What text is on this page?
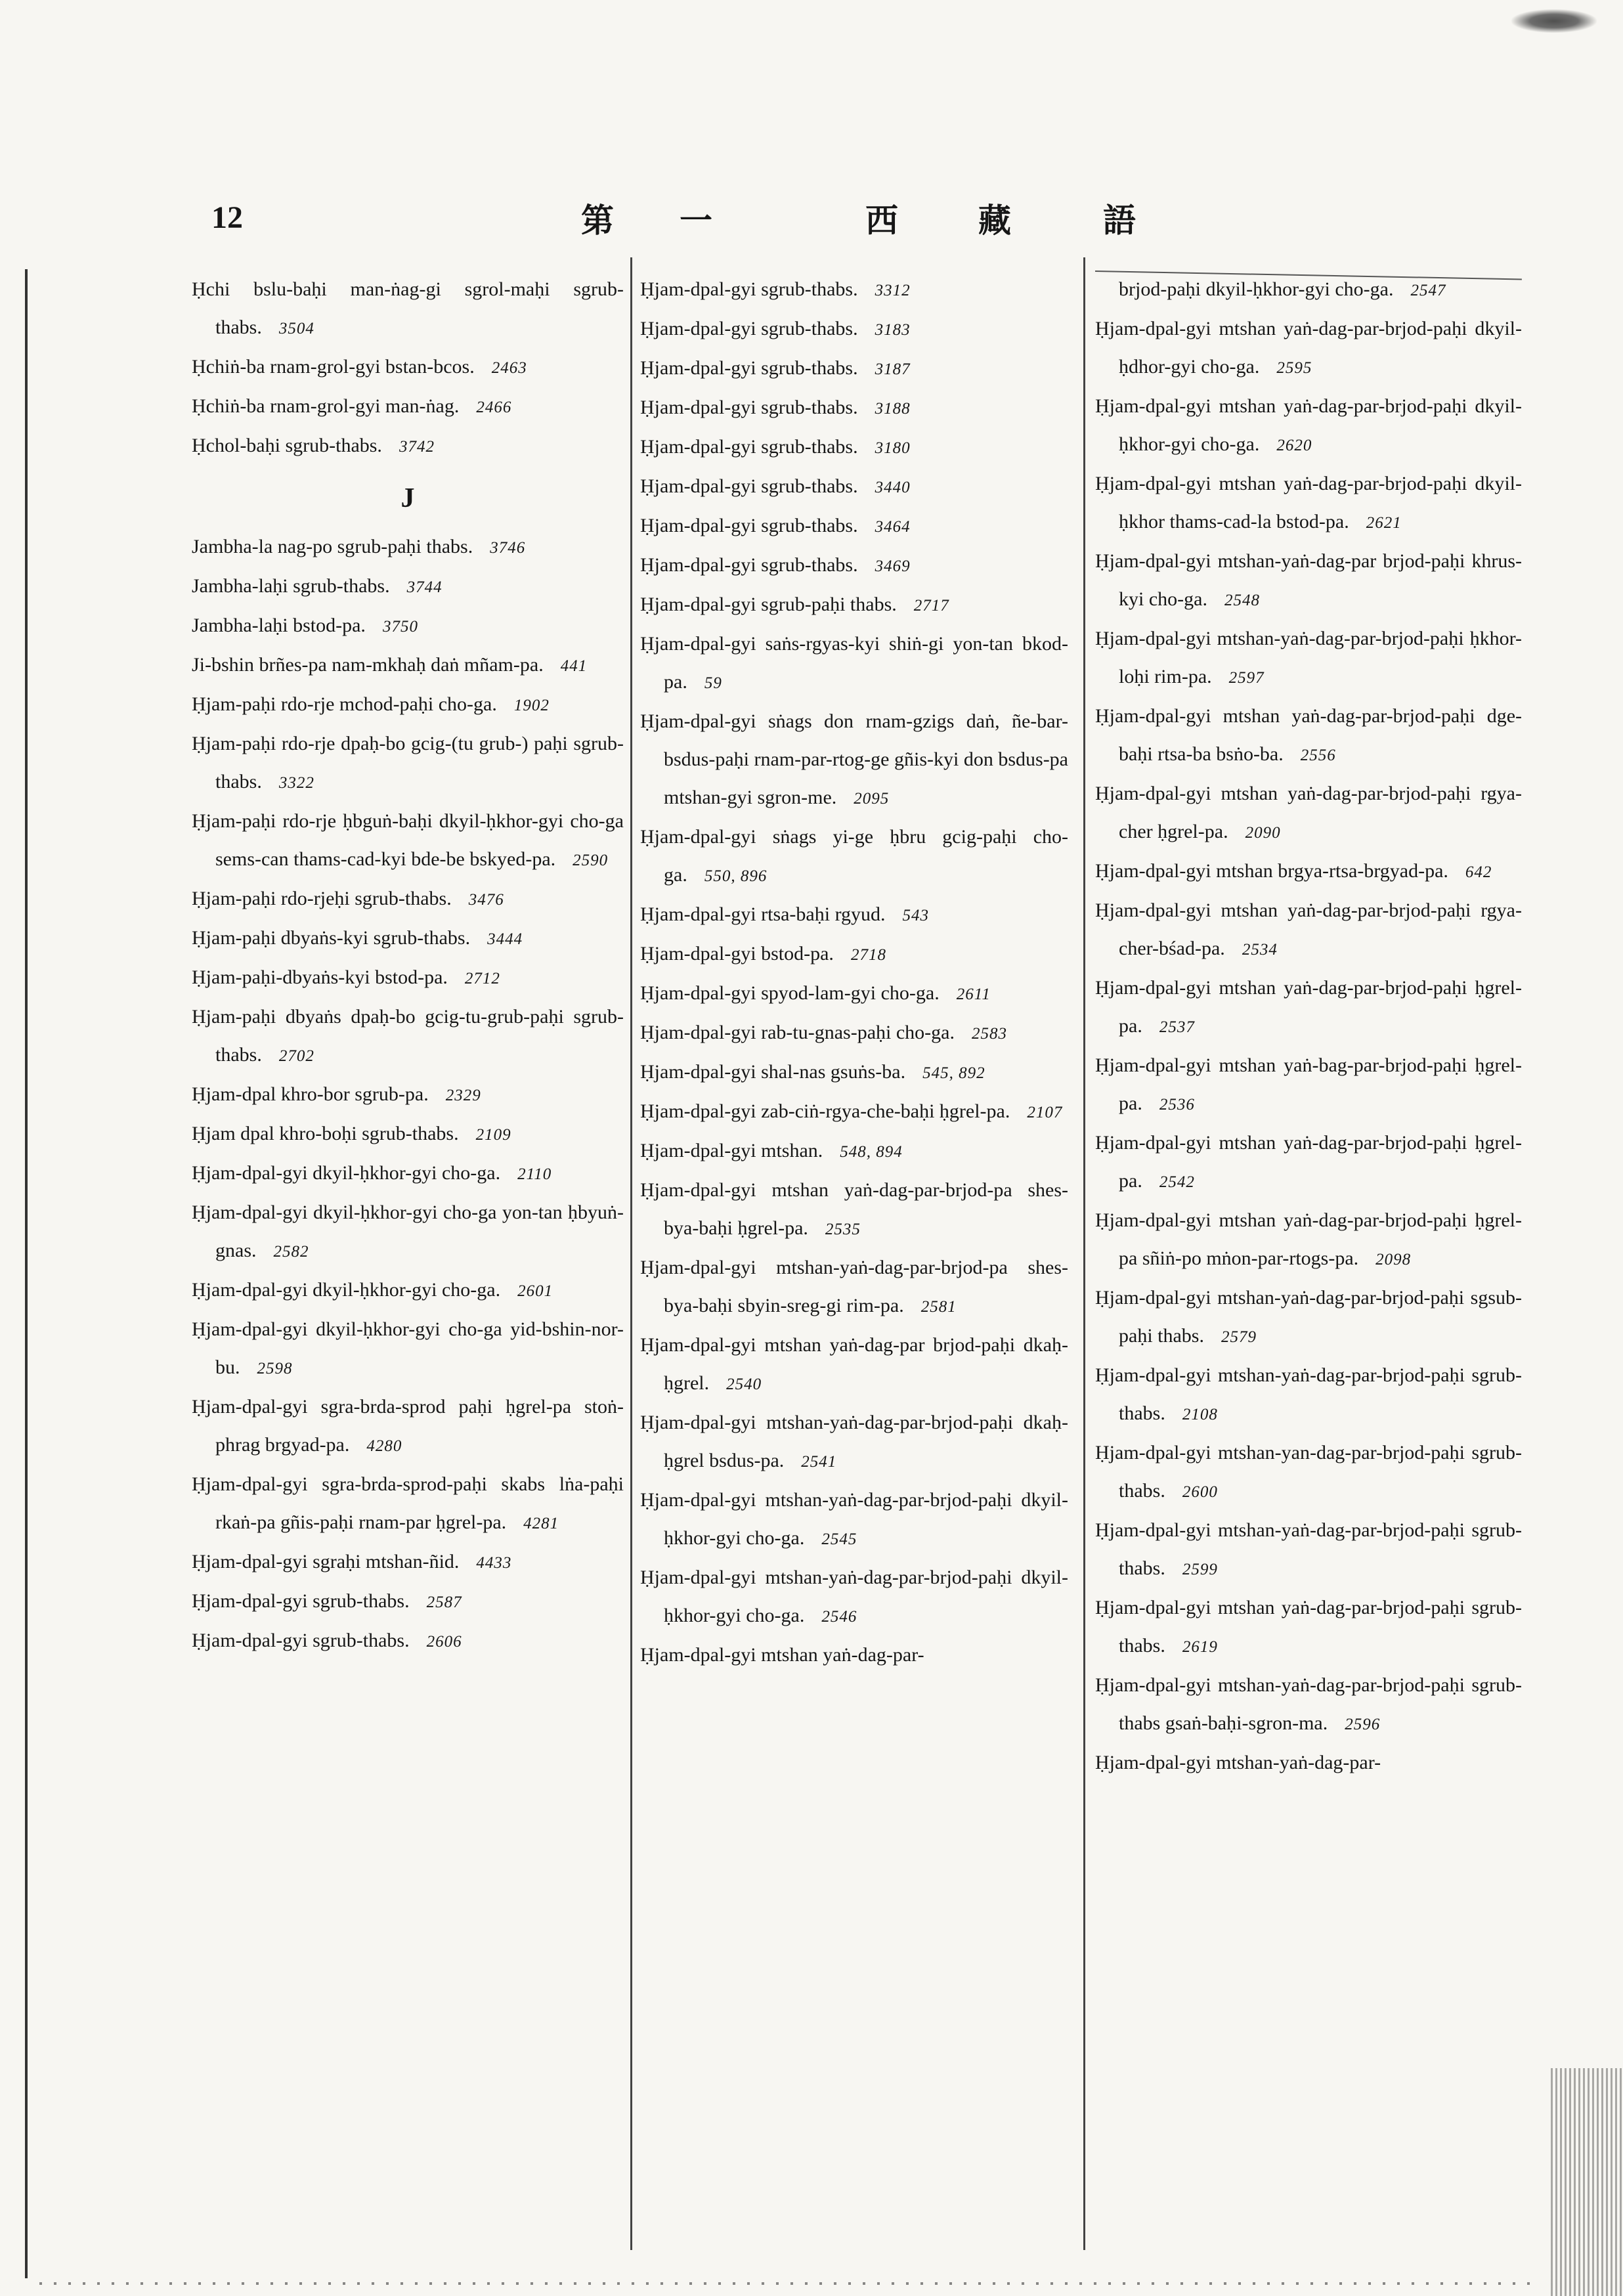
12	第 一	西 藏	語
Ḥchi bslu-baḥi man-ṅag-gi sgrol-maḥi sgrub-thabs. 3504
Ḥchiṅ-ba rnam-grol-gyi bstan-bcos. 2463
Ḥchiṅ-ba rnam-grol-gyi man-ṅag. 2466
Ḥchol-baḥi sgrub-thabs. 3742
J
Jambha-la nag-po sgrub-paḥi thabs. 3746
Jambha-laḥi sgrub-thabs. 3744
Jambha-laḥi bstod-pa. 3750
Ji-bshin brñes-pa nam-mkhaḥ daṅ mñam-pa. 441
Ḥjam-paḥi rdo-rje mchod-paḥi cho-ga. 1902
Ḥjam-paḥi rdo-rje dpaḥ-bo gcig-(tu grub-) paḥi sgrub-thabs. 3322
Ḥjam-paḥi rdo-rje ḥbguṅ-baḥi dkyil-ḥkhor-gyi cho-ga sems-can thams-cad-kyi bde-be bskyed-pa. 2590
Ḥjam-paḥi rdo-rjeḥi sgrub-thabs. 3476
Ḥjam-paḥi dbyaṅs-kyi sgrub-thabs. 3444
Ḥjam-paḥi-dbyaṅs-kyi bstod-pa. 2712
Ḥjam-paḥi dbyaṅs dpaḥ-bo gcig-tu-grub-paḥi sgrub-thabs. 2702
Ḥjam-dpal khro-bor sgrub-pa. 2329
Ḥjam dpal khro-boḥi sgrub-thabs. 2109
Ḥjam-dpal-gyi dkyil-ḥkhor-gyi cho-ga. 2110
Ḥjam-dpal-gyi dkyil-ḥkhor-gyi cho-ga yon-tan ḥbyuṅ-gnas. 2582
Ḥjam-dpal-gyi dkyil-ḥkhor-gyi cho-ga. 2601
Ḥjam-dpal-gyi dkyil-ḥkhor-gyi cho-ga yid-bshin-nor-bu. 2598
Ḥjam-dpal-gyi sgra-brda-sprod paḥi ḥgrel-pa stoṅ-phrag brgyad-pa. 4280
Ḥjam-dpal-gyi sgra-brda-sprod-paḥi skabs lṅa-paḥi rkaṅ-pa gñis-paḥi rnam-par ḥgrel-pa. 4281
Ḥjam-dpal-gyi sgraḥi mtshan-ñid. 4433
Ḥjam-dpal-gyi sgrub-thabs. 2587
Ḥjam-dpal-gyi sgrub-thabs. 2606
Ḥjam-dpal-gyi sgrub-thabs. 3312
Ḥjam-dpal-gyi sgrub-thabs. 3183
Ḥjam-dpal-gyi sgrub-thabs. 3187
Ḥjam-dpal-gyi sgrub-thabs. 3188
Ḥjam-dpal-gyi sgrub-thabs. 3180
Ḥjam-dpal-gyi sgrub-thabs. 3440
Ḥjam-dpal-gyi sgrub-thabs. 3464
Ḥjam-dpal-gyi sgrub-thabs. 3469
Ḥjam-dpal-gyi sgrub-paḥi thabs. 2717
Ḥjam-dpal-gyi saṅs-rgyas-kyi shiṅ-gi yon-tan bkod-pa. 59
Ḥjam-dpal-gyi sṅags don rnam-gzigs daṅ, ñe-bar-bsdus-paḥi rnam-par-rtog-ge gñis-kyi don bsdus-pa mtshan-gyi sgron-me. 2095
Ḥjam-dpal-gyi sṅags yi-ge ḥbru gcig-paḥi cho-ga. 550, 896
Ḥjam-dpal-gyi rtsa-baḥi rgyud. 543
Ḥjam-dpal-gyi bstod-pa. 2718
Ḥjam-dpal-gyi spyod-lam-gyi cho-ga. 2611
Ḥjam-dpal-gyi rab-tu-gnas-paḥi cho-ga. 2583
Ḥjam-dpal-gyi shal-nas gsuṅs-ba. 545, 892
Ḥjam-dpal-gyi zab-ciṅ-rgya-che-baḥi ḥgrel-pa. 2107
Ḥjam-dpal-gyi mtshan. 548, 894
Ḥjam-dpal-gyi mtshan yaṅ-dag-par-brjod-pa shes-bya-baḥi ḥgrel-pa. 2535
Ḥjam-dpal-gyi mtshan-yaṅ-dag-par-brjod-pa shes-bya-baḥi sbyin-sreg-gi rim-pa. 2581
Ḥjam-dpal-gyi mtshan yaṅ-dag-par brjod-paḥi dkaḥ-ḥgrel. 2540
Ḥjam-dpal-gyi mtshan-yaṅ-dag-par-brjod-paḥi dkaḥ-ḥgrel bsdus-pa. 2541
Ḥjam-dpal-gyi mtshan-yaṅ-dag-par-brjod-paḥi dkyil-ḥkhor-gyi cho-ga. 2545
Ḥjam-dpal-gyi mtshan-yaṅ-dag-par-brjod-paḥi dkyil-ḥkhor-gyi cho-ga. 2546
Ḥjam-dpal-gyi mtshan yaṅ-dag-par-
brjod-paḥi dkyil-ḥkhor-gyi cho-ga. 2547
Ḥjam-dpal-gyi mtshan yaṅ-dag-par-brjod-paḥi dkyil-ḥdhor-gyi cho-ga. 2595
Ḥjam-dpal-gyi mtshan yaṅ-dag-par-brjod-paḥi dkyil-ḥkhor-gyi cho-ga. 2620
Ḥjam-dpal-gyi mtshan yaṅ-dag-par-brjod-paḥi dkyil-ḥkhor thams-cad-la bstod-pa. 2621
Ḥjam-dpal-gyi mtshan-yaṅ-dag-par brjod-paḥi khrus-kyi cho-ga. 2548
Ḥjam-dpal-gyi mtshan-yaṅ-dag-par-brjod-paḥi ḥkhor-loḥi rim-pa. 2597
Ḥjam-dpal-gyi mtshan yaṅ-dag-par-brjod-paḥi dge-baḥi rtsa-ba bsṅo-ba. 2556
Ḥjam-dpal-gyi mtshan yaṅ-dag-par-brjod-paḥi rgya-cher ḥgrel-pa. 2090
Ḥjam-dpal-gyi mtshan brgya-rtsa-brgyad-pa. 642
Ḥjam-dpal-gyi mtshan yaṅ-dag-par-brjod-paḥi rgya-cher-bśad-pa. 2534
Ḥjam-dpal-gyi mtshan yaṅ-dag-par-brjod-paḥi ḥgrel-pa. 2537
Ḥjam-dpal-gyi mtshan yaṅ-bag-par-brjod-paḥi ḥgrel-pa. 2536
Ḥjam-dpal-gyi mtshan yaṅ-dag-par-brjod-paḥi ḥgrel-pa. 2542
Ḥjam-dpal-gyi mtshan yaṅ-dag-par-brjod-paḥi ḥgrel-pa sñiṅ-po mṅon-par-rtogs-pa. 2098
Ḥjam-dpal-gyi mtshan-yaṅ-dag-par-brjod-paḥi sgsub-paḥi thabs. 2579
Ḥjam-dpal-gyi mtshan-yaṅ-dag-par-brjod-paḥi sgrub-thabs. 2108
Ḥjam-dpal-gyi mtshan-yan-dag-par-brjod-paḥi sgrub-thabs. 2600
Ḥjam-dpal-gyi mtshan-yaṅ-dag-par-brjod-paḥi sgrub-thabs. 2599
Ḥjam-dpal-gyi mtshan yaṅ-dag-par-brjod-paḥi sgrub-thabs. 2619
Ḥjam-dpal-gyi mtshan-yaṅ-dag-par-brjod-paḥi sgrub-thabs gsaṅ-baḥi-sgron-ma. 2596
Ḥjam-dpal-gyi mtshan-yaṅ-dag-par-
